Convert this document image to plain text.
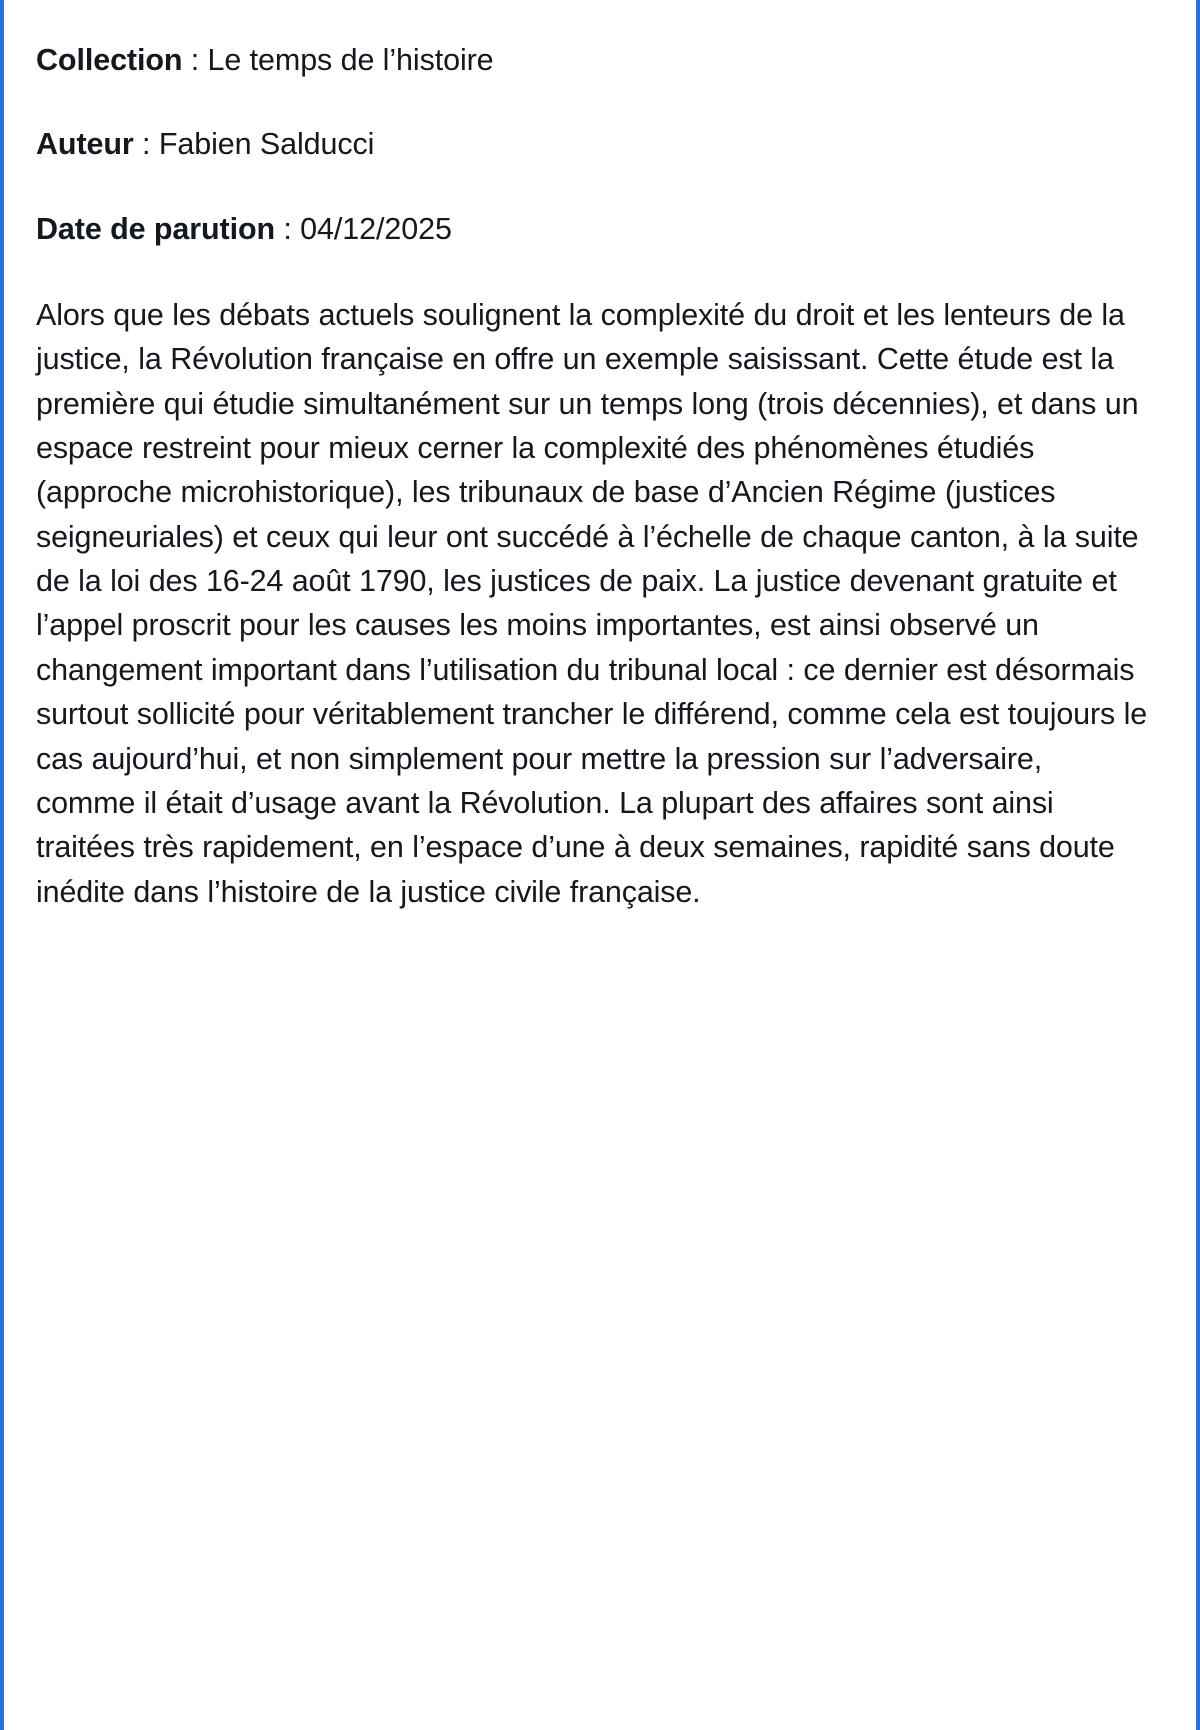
Collection : Le temps de l’histoire

Auteur : Fabien Salducci

Date de parution : 04/12/2025

Alors que les débats actuels soulignent la complexité du droit et les lenteurs de la justice, la Révolution française en offre un exemple saisissant. Cette étude est la première qui étudie simultanément sur un temps long (trois décennies), et dans un espace restreint pour mieux cerner la complexité des phénomènes étudiés (approche microhistorique), les tribunaux de base d’Ancien Régime (justices seigneuriales) et ceux qui leur ont succédé à l’échelle de chaque canton, à la suite de la loi des 16-24 août 1790, les justices de paix. La justice devenant gratuite et l’appel proscrit pour les causes les moins importantes, est ainsi observé un changement important dans l’utilisation du tribunal local : ce dernier est désormais surtout sollicité pour véritablement trancher le différend, comme cela est toujours le cas aujourd’hui, et non simplement pour mettre la pression sur l’adversaire, comme il était d’usage avant la Révolution. La plupart des affaires sont ainsi traitées très rapidement, en l’espace d’une à deux semaines, rapidité sans doute inédite dans l’histoire de la justice civile française.
